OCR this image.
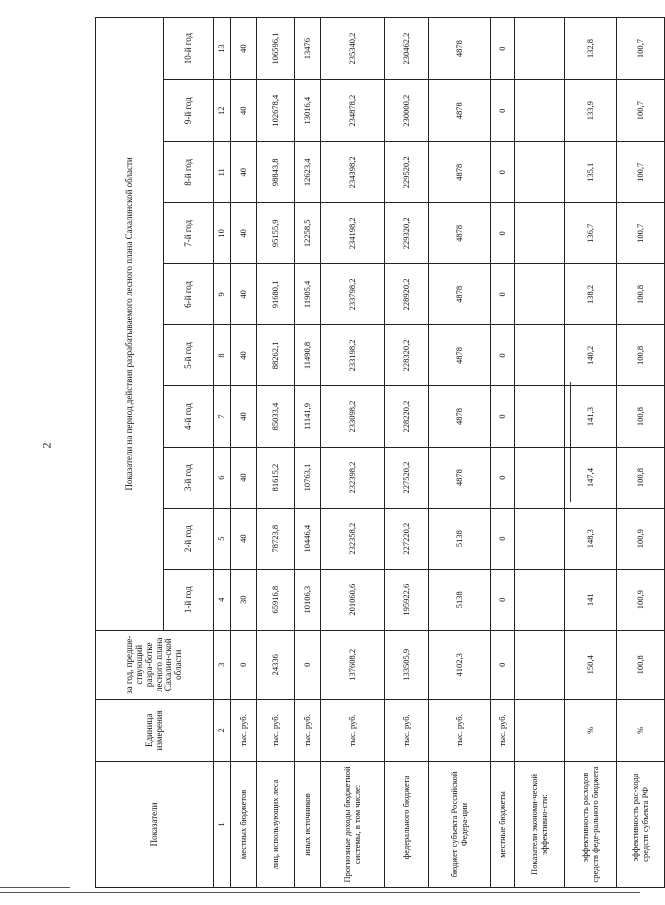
2
Показатели	Единица измерения	за год, предше-ствующий разра-ботке лесного плана Сахалин-ской области	Показатели на период действия разрабатываемого лесного плана Сахалинской области									
			1-й год	2-й год	3-й год	4-й год	5-й год	6-й год	7-й год	8-й год	9-й год	10-й год
1	2	3	4	5	6	7	8	9	10	11	12	13
местных бюджетов	тыс. руб.	0	30	40	40	40	40	40	40	40	40	40
лиц, использующих леса	тыс. руб.	24336	65916,8	78723,8	81615,2	85033,4	88262,1	91680,1	95155,9	98843,8	102678,4	106596,1
иных источников	тыс. руб.	0	10106,3	10446,4	10763,1	11141,9	11490,8	11905,4	12258,5	12623,4	13016,4	13476
Прогнозные доходы бюджетной системы, в том числе:	тыс. руб.	137608,2	201060,6	232358,2	232398,2	233098,2	233198,2	233798,2	234198,2	234398,2	234878,2	235340,2
федерального бюджета	тыс. руб.	133505,9	195922,6	227220,2	227520,2	228220,2	228320,2	228920,2	229320,2	229520,2	230000,2	230462,2
бюджет субъекта Российской Федера-ции	тыс. руб.	4102,3	5138	5138	4878	4878	4878	4878	4878	4878	4878	4878
местные бюджеты	тыс. руб.	0	0	0	0	0	0	0	0	0	0	0
Показатели экономи-ческой эффективно-сти:												
эффективность расходов средств феде-рального бюджета	%	150,4	141	148,3	147,4	141,3	140,2	138,2	136,7	135,1	133,9	132,8
эффективность рас-хода средств субъекта РФ	%	100,8	100,9	100,9	100,8	100,8	100,8	100,8	100,7	100,7	100,7	100,7
